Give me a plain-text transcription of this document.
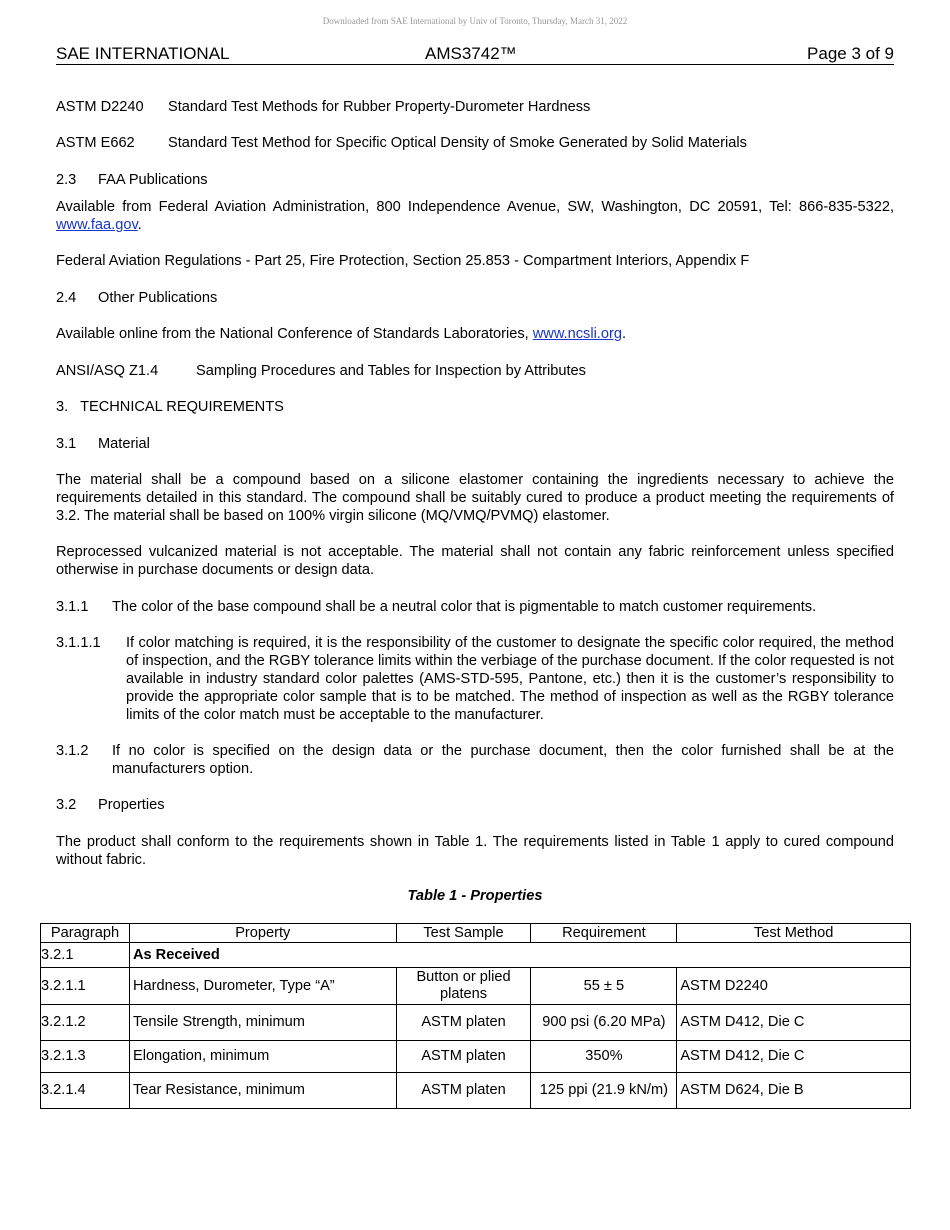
Downloaded from SAE International by Univ of Toronto, Thursday, March 31, 2022
SAE INTERNATIONAL	AMS3742™	Page 3 of 9
ASTM D2240 Standard Test Methods for Rubber Property-Durometer Hardness
ASTM E662 Standard Test Method for Specific Optical Density of Smoke Generated by Solid Materials
2.3 FAA Publications
Available from Federal Aviation Administration, 800 Independence Avenue, SW, Washington, DC 20591, Tel: 866-835-5322, www.faa.gov.
Federal Aviation Regulations - Part 25, Fire Protection, Section 25.853 - Compartment Interiors, Appendix F
2.4 Other Publications
Available online from the National Conference of Standards Laboratories, www.ncsli.org.
ANSI/ASQ Z1.4	Sampling Procedures and Tables for Inspection by Attributes
3.   TECHNICAL REQUIREMENTS
3.1 Material
The material shall be a compound based on a silicone elastomer containing the ingredients necessary to achieve the requirements detailed in this standard. The compound shall be suitably cured to produce a product meeting the requirements of 3.2. The material shall be based on 100% virgin silicone (MQ/VMQ/PVMQ) elastomer.
Reprocessed vulcanized material is not acceptable. The material shall not contain any fabric reinforcement unless specified otherwise in purchase documents or design data.
3.1.1 The color of the base compound shall be a neutral color that is pigmentable to match customer requirements.
3.1.1.1 If color matching is required, it is the responsibility of the customer to designate the specific color required, the method of inspection, and the RGBY tolerance limits within the verbiage of the purchase document. If the color requested is not available in industry standard color palettes (AMS-STD-595, Pantone, etc.) then it is the customer’s responsibility to provide the appropriate color sample that is to be matched. The method of inspection as well as the RGBY tolerance limits of the color match must be acceptable to the manufacturer.
3.1.2 If no color is specified on the design data or the purchase document, then the color furnished shall be at the manufacturers option.
3.2 Properties
The product shall conform to the requirements shown in Table 1. The requirements listed in Table 1 apply to cured compound without fabric.
Table 1 - Properties
Paragraph	Property	Test Sample	Requirement	Test Method
3.2.1	As Received			
3.2.1.1	Hardness, Durometer, Type “A”	Button or plied platens	55 ± 5	ASTM D2240
3.2.1.2	Tensile Strength, minimum	ASTM platen	900 psi (6.20 MPa)	ASTM D412, Die C
3.2.1.3	Elongation, minimum	ASTM platen	350%	ASTM D412, Die C
3.2.1.4	Tear Resistance, minimum	ASTM platen	125 ppi (21.9 kN/m)	ASTM D624, Die B
